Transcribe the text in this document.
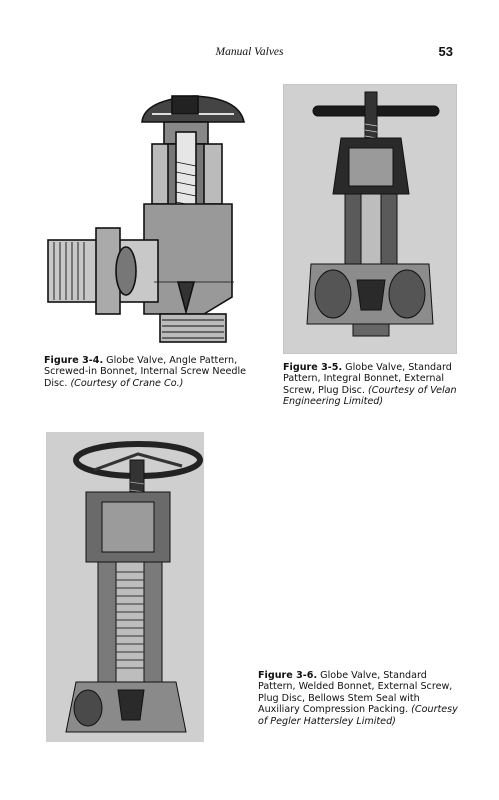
Manual Valves	53
Figure 3-4. Globe Valve, Angle Pattern, Screwed-in Bonnet, Internal Screw Needle Disc. (Courtesy of Crane Co.)
Figure 3-5. Globe Valve, Standard Pattern, Integral Bonnet, External Screw, Plug Disc. (Courtesy of Velan Engineering Limited)
Figure 3-6. Globe Valve, Standard Pattern, Welded Bonnet, External Screw, Plug Disc, Bellows Stem Seal with Auxiliary Compression Packing. (Courtesy of Pegler Hattersley Limited)
